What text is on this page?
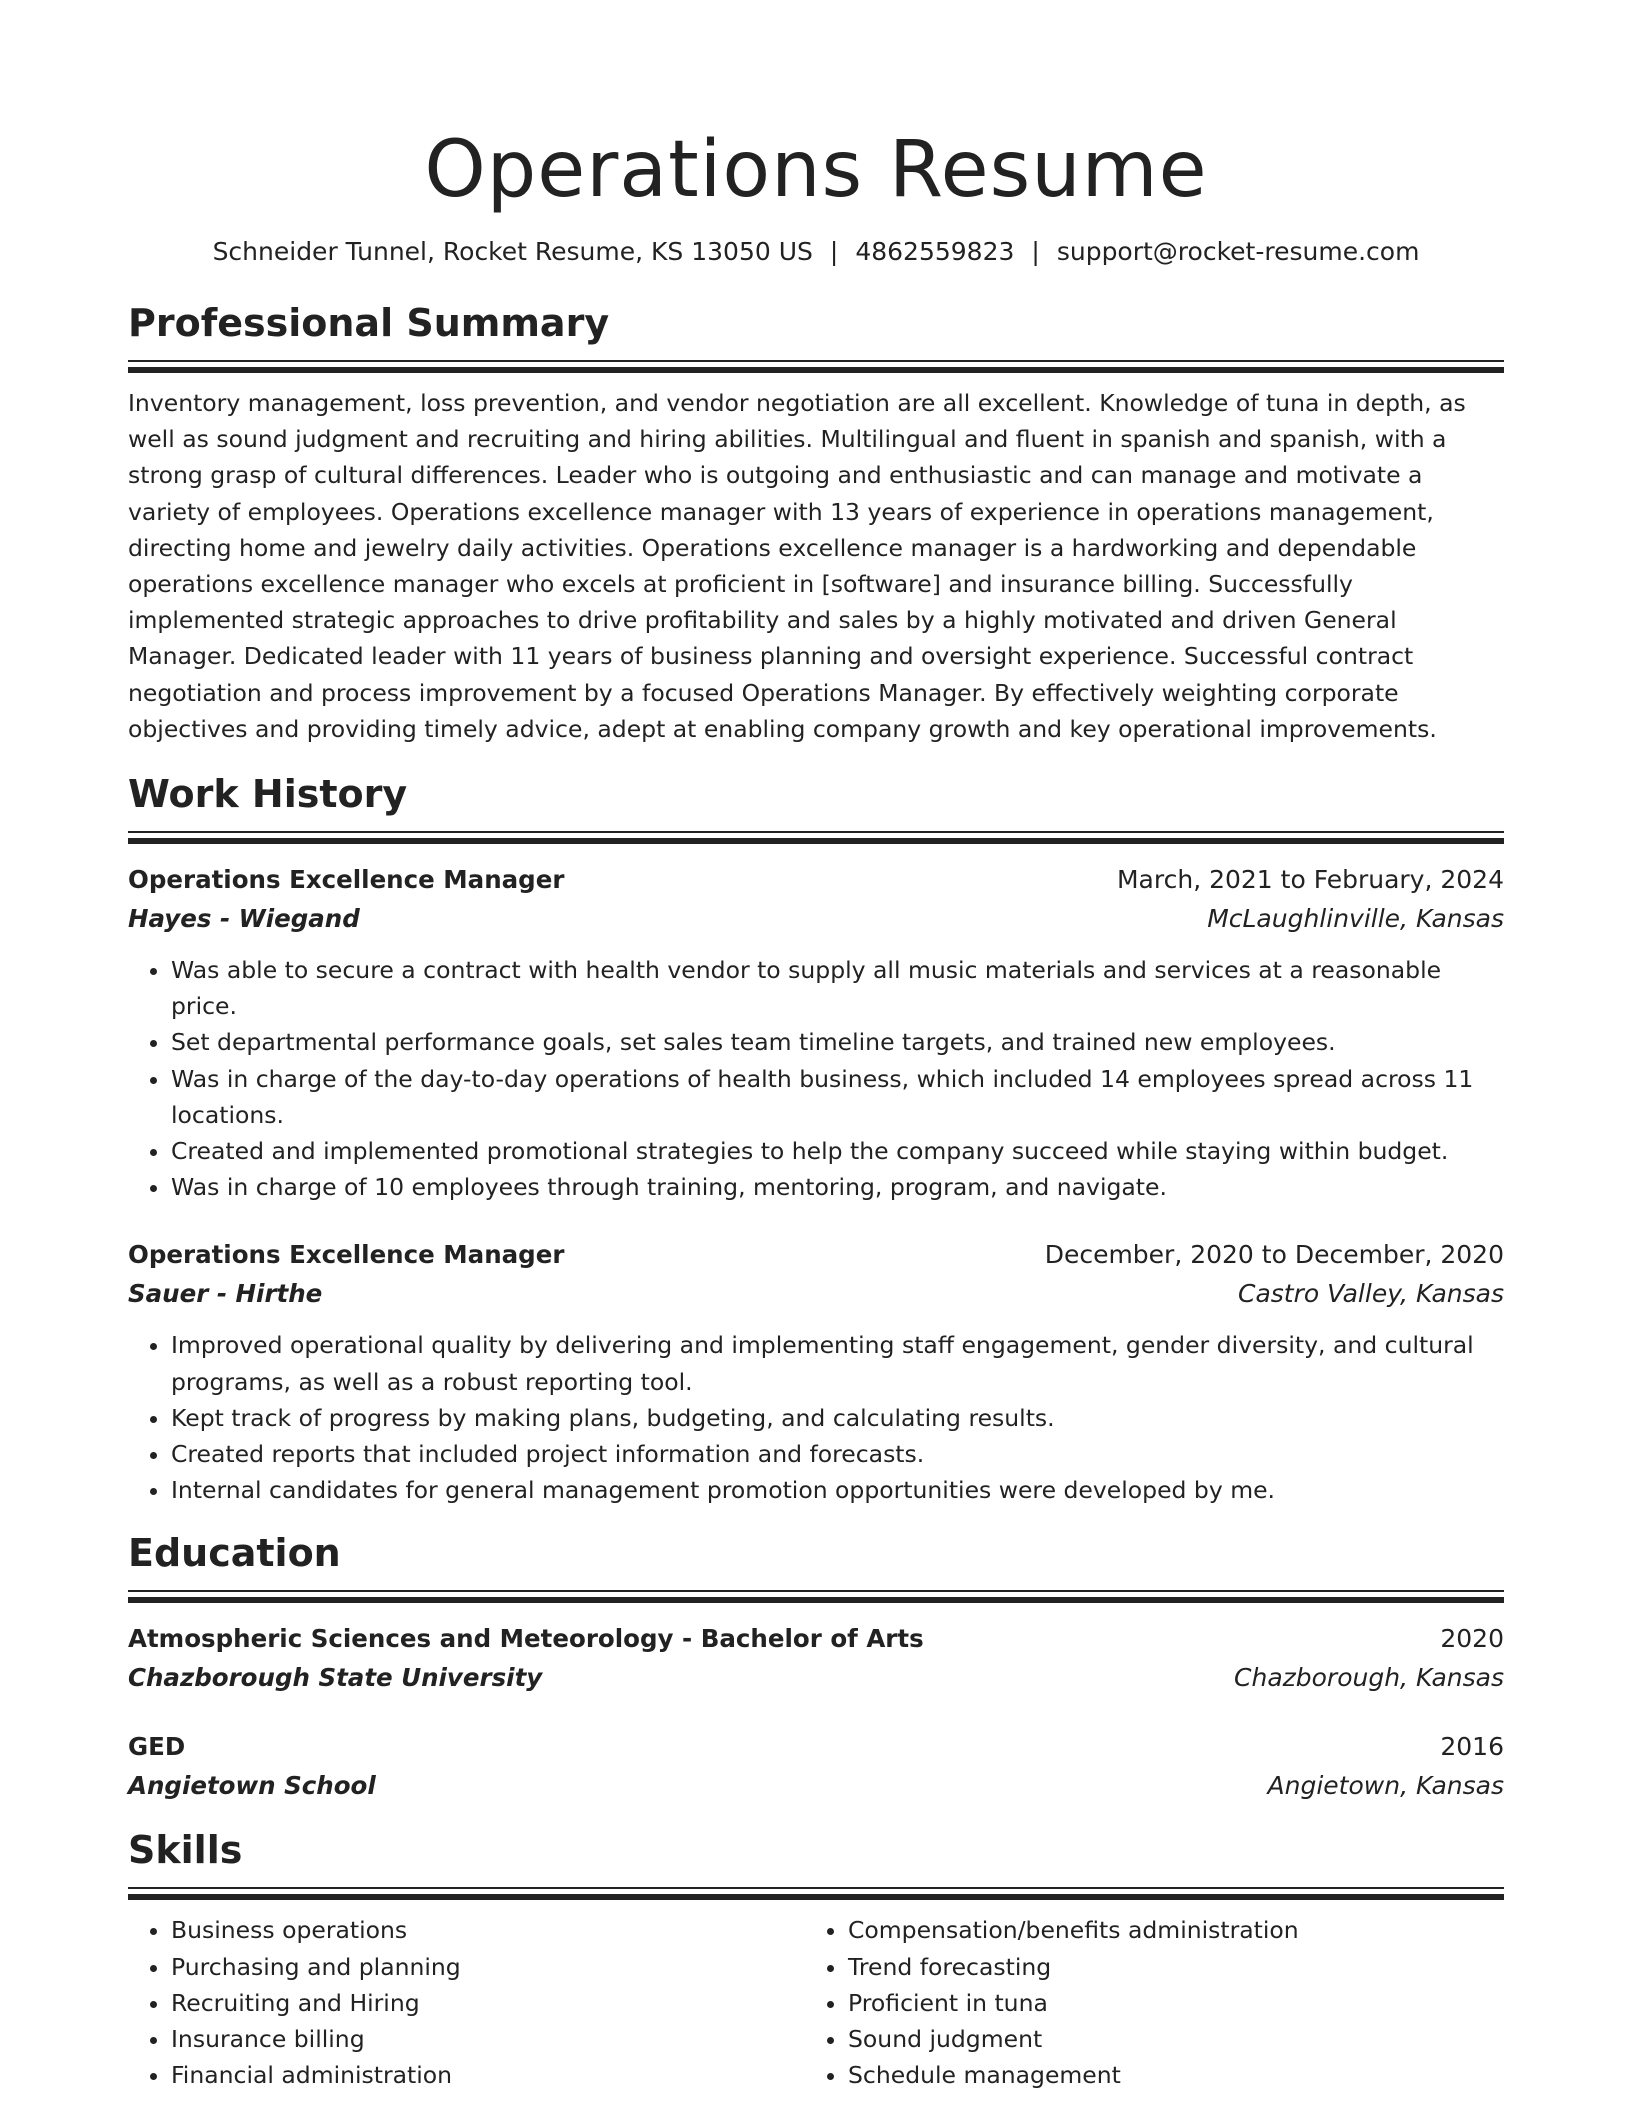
Operations Resume
Schneider Tunnel, Rocket Resume, KS 13050 US | 4862559823 | support@rocket-resume.com
Professional Summary
Inventory management, loss prevention, and vendor negotiation are all excellent. Knowledge of tuna in depth, as well as sound judgment and recruiting and hiring abilities. Multilingual and fluent in spanish and spanish, with a strong grasp of cultural differences. Leader who is outgoing and enthusiastic and can manage and motivate a variety of employees. Operations excellence manager with 13 years of experience in operations management, directing home and jewelry daily activities. Operations excellence manager is a hardworking and dependable operations excellence manager who excels at proficient in [software] and insurance billing. Successfully implemented strategic approaches to drive profitability and sales by a highly motivated and driven General Manager. Dedicated leader with 11 years of business planning and oversight experience. Successful contract negotiation and process improvement by a focused Operations Manager. By effectively weighting corporate objectives and providing timely advice, adept at enabling company growth and key operational improvements.
Work History
Operations Excellence Manager	March, 2021 to February, 2024
Hayes - Wiegand	McLaughlinville, Kansas
• Was able to secure a contract with health vendor to supply all music materials and services at a reasonable price.
• Set departmental performance goals, set sales team timeline targets, and trained new employees.
• Was in charge of the day-to-day operations of health business, which included 14 employees spread across 11 locations.
• Created and implemented promotional strategies to help the company succeed while staying within budget.
• Was in charge of 10 employees through training, mentoring, program, and navigate.
Operations Excellence Manager	December, 2020 to December, 2020
Sauer - Hirthe	Castro Valley, Kansas
• Improved operational quality by delivering and implementing staff engagement, gender diversity, and cultural programs, as well as a robust reporting tool.
• Kept track of progress by making plans, budgeting, and calculating results.
• Created reports that included project information and forecasts.
• Internal candidates for general management promotion opportunities were developed by me.
Education
Atmospheric Sciences and Meteorology - Bachelor of Arts	2020
Chazborough State University	Chazborough, Kansas
GED	2016
Angietown School	Angietown, Kansas
Skills
• Business operations
• Purchasing and planning
• Recruiting and Hiring
• Insurance billing
• Financial administration
• Compensation/benefits administration
• Trend forecasting
• Proficient in tuna
• Sound judgment
• Schedule management
